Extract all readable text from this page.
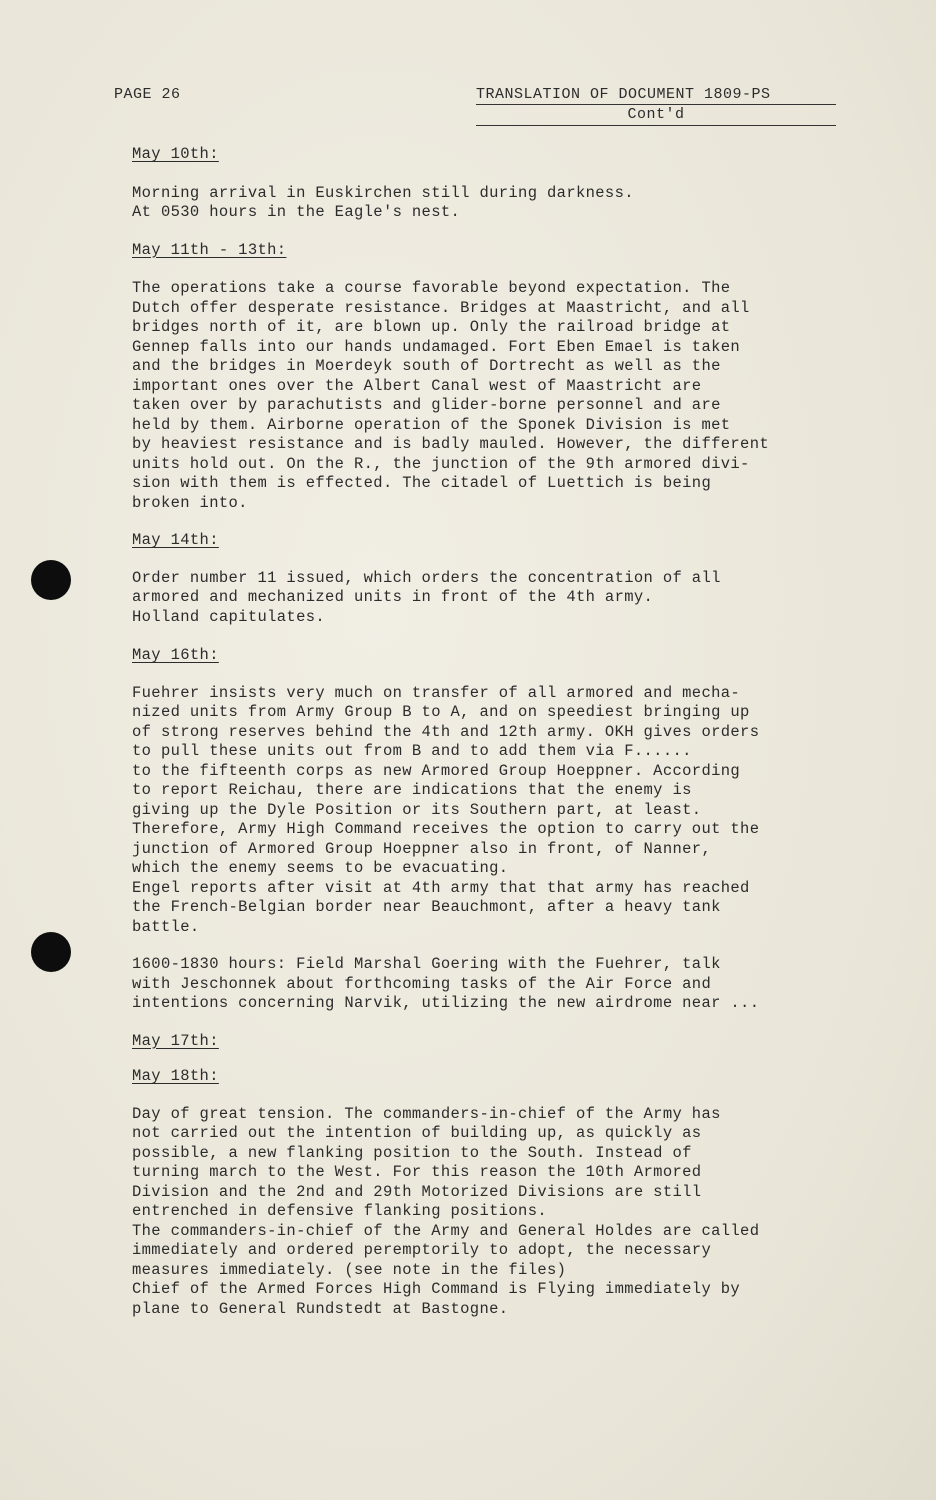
PAGE 26	TRANSLATION OF DOCUMENT 1809-PS
Cont'd
May 10th:

Morning arrival in Euskirchen still during darkness.
At 0530 hours in the Eagle's nest.

May 11th - 13th:

The operations take a course favorable beyond expectation. The
Dutch offer desperate resistance. Bridges at Maastricht, and all
bridges north of it, are blown up. Only the railroad bridge at
Gennep falls into our hands undamaged. Fort Eben Emael is taken
and the bridges in Moerdeyk south of Dortrecht as well as the
important ones over the Albert Canal west of Maastricht are
taken over by parachutists and glider-borne personnel and are
held by them. Airborne operation of the Sponek Division is met
by heaviest resistance and is badly mauled. However, the different
units hold out. On the R., the junction of the 9th armored divi-
sion with them is effected. The citadel of Luettich is being
broken into.

May 14th:

Order number 11 issued, which orders the concentration of all
armored and mechanized units in front of the 4th army.
Holland capitulates.

May 16th:

Fuehrer insists very much on transfer of all armored and mecha-
nized units from Army Group B to A, and on speediest bringing up
of strong reserves behind the 4th and 12th army. OKH gives orders
to pull these units out from B and to add them via F......
to the fifteenth corps as new Armored Group Hoeppner. According
to report Reichau, there are indications that the enemy is
giving up the Dyle Position or its Southern part, at least.
Therefore, Army High Command receives the option to carry out the
junction of Armored Group Hoeppner also in front, of Nanner,
which the enemy seems to be evacuating.
Engel reports after visit at 4th army that that army has reached
the French-Belgian border near Beauchmont, after a heavy tank
battle.

1600-1830 hours: Field Marshal Goering with the Fuehrer, talk
with Jeschonnek about forthcoming tasks of the Air Force and
intentions concerning Narvik, utilizing the new airdrome near ...

May 17th:
May 18th:

Day of great tension. The commanders-in-chief of the Army has
not carried out the intention of building up, as quickly as
possible, a new flanking position to the South. Instead of
turning march to the West. For this reason the 10th Armored
Division and the 2nd and 29th Motorized Divisions are still
entrenched in defensive flanking positions.
The commanders-in-chief of the Army and General Holdes are called
immediately and ordered peremptorily to adopt, the necessary
measures immediately. (see note in the files)
Chief of the Armed Forces High Command is Flying immediately by
plane to General Rundstedt at Bastogne.
